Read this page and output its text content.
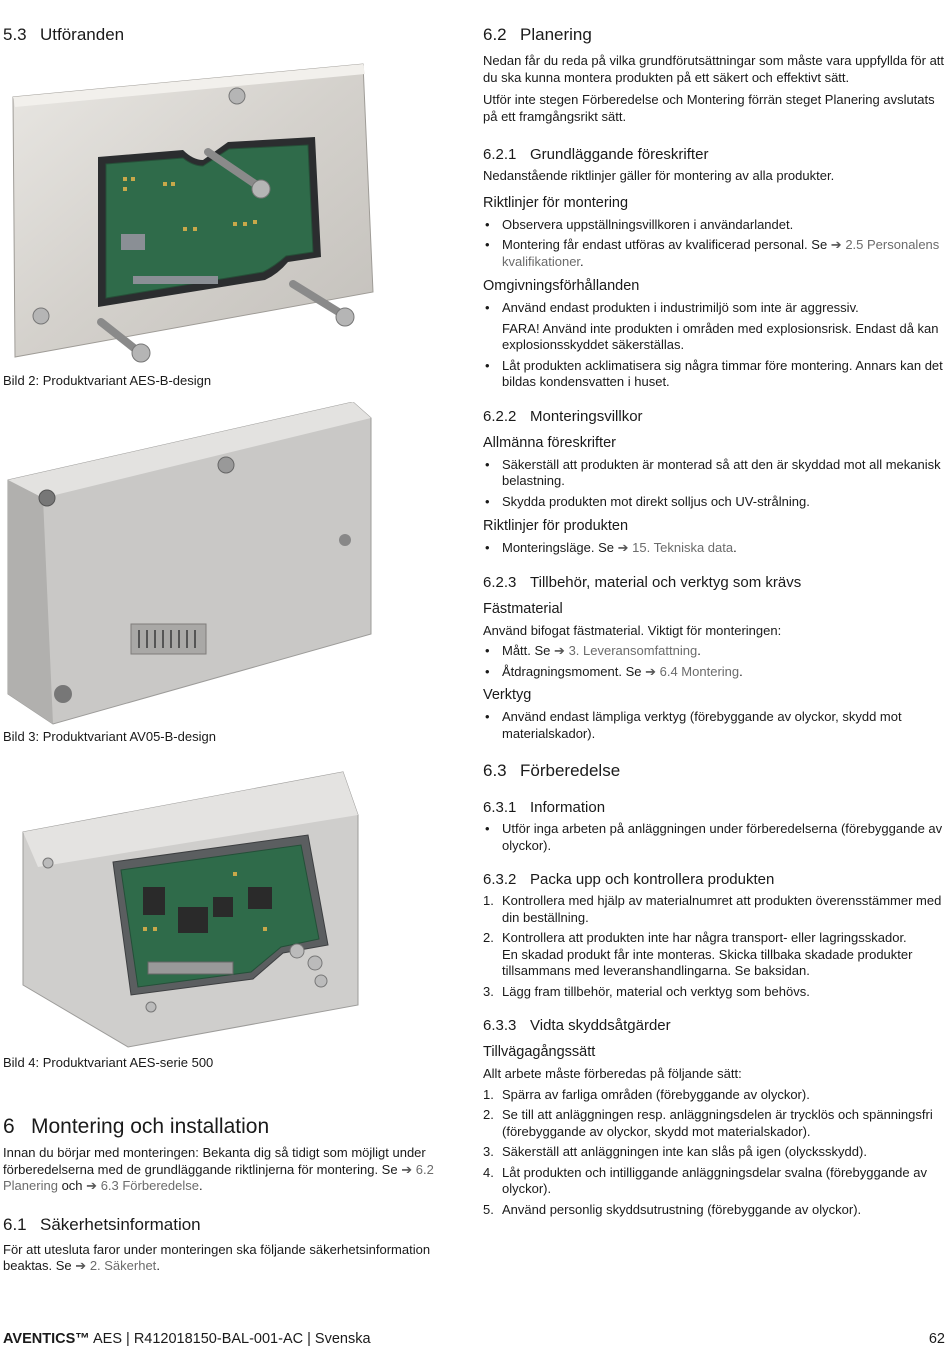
5.3 Utföranden
Bild 2: Produktvariant AES-B-design
Bild 3: Produktvariant AV05-B-design
Bild 4: Produktvariant AES-serie 500
6 Montering och installation

Innan du börjar med monteringen: Bekanta dig så tidigt som möjligt under förberedelserna med de grundläggande riktlinjerna för montering. Se ➔ 6.2 Planering och ➔ 6.3 Förberedelse.

6.1 Säkerhetsinformation

För att utesluta faror under monteringen ska följande säkerhetsinformation beaktas. Se ➔ 2. Säkerhet.

6.2 Planering

Nedan får du reda på vilka grundförutsättningar som måste vara uppfyllda för att du ska kunna montera produkten på ett säkert och effektivt sätt.

Utför inte stegen Förberedelse och Montering förrän steget Planering avslutats på ett framgångsrikt sätt.

6.2.1 Grundläggande föreskrifter

Nedanstående riktlinjer gäller för montering av alla produkter.

Riktlinjer för montering
• Observera uppställningsvillkoren i användarlandet.
• Montering får endast utföras av kvalificerad personal. Se ➔ 2.5 Personalens kvalifikationer.
Omgivningsförhållanden
• Använd endast produkten i industrimiljö som inte är aggressiv.
FARA! Använd inte produkten i områden med explosionsrisk. Endast då kan explosionsskyddet säkerställas.
• Låt produkten acklimatisera sig några timmar före montering. Annars kan det bildas kondensvatten i huset.
6.2.2 Monteringsvillkor
Allmänna föreskrifter
• Säkerställ att produkten är monterad så att den är skyddad mot all mekanisk belastning.
• Skydda produkten mot direkt solljus och UV-strålning.
Riktlinjer för produkten
• Monteringsläge. Se ➔ 15. Tekniska data.
6.2.3 Tillbehör, material och verktyg som krävs
Fästmaterial

Använd bifogat fästmaterial. Viktigt för monteringen:

• Mått. Se ➔ 3. Leveransomfattning.
• Åtdragningsmoment. Se ➔ 6.4 Montering.
Verktyg
• Använd endast lämpliga verktyg (förebyggande av olyckor, skydd mot materialskador).
6.3 Förberedelse
6.3.1 Information
• Utför inga arbeten på anläggningen under förberedelserna (förebyggande av olyckor).
6.3.2 Packa upp och kontrollera produkten
1. Kontrollera med hjälp av materialnumret att produkten överensstämmer med din beställning.
2. Kontrollera att produkten inte har några transport- eller lagringsskador.
En skadad produkt får inte monteras. Skicka tillbaka skadade produkter tillsammans med leveranshandlingarna. Se baksidan.
3. Lägg fram tillbehör, material och verktyg som behövs.
6.3.3 Vidta skyddsåtgärder
Tillvägagångssätt

Allt arbete måste förberedas på följande sätt:

1. Spärra av farliga områden (förebyggande av olyckor).
2. Se till att anläggningen resp. anläggningsdelen är trycklös och spänningsfri (förebyggande av olyckor, skydd mot materialskador).
3. Säkerställ att anläggningen inte kan slås på igen (olycksskydd).
4. Låt produkten och intilliggande anläggningsdelar svalna (förebyggande av olyckor).
5. Använd personlig skyddsutrustning (förebyggande av olyckor).
AVENTICS™ AES | R412018150-BAL-001-AC | Svenska	62
